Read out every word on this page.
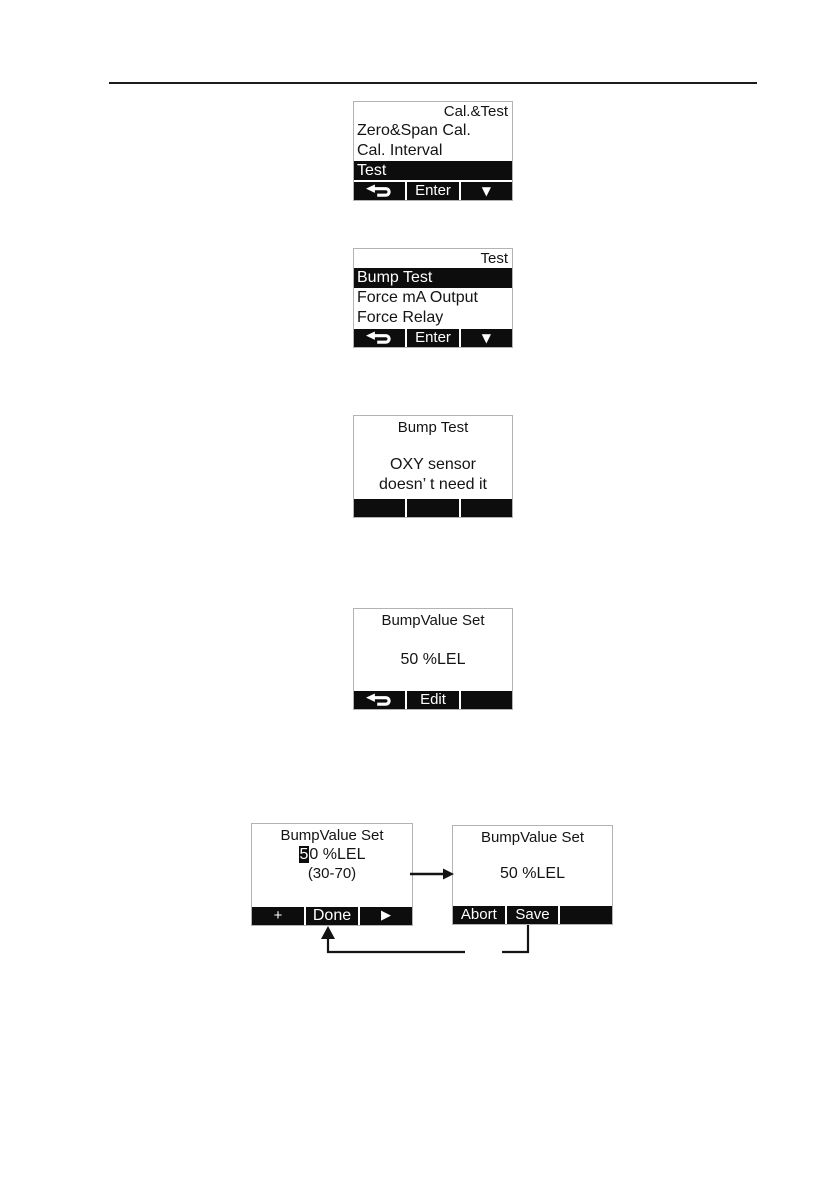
Cal.&Test
Zero&Span Cal.
Cal. Interval
Test
Enter	▼
Test
Bump Test
Force mA Output
Force Relay
Enter	▼
Bump Test
OXY sensor
doesn’ t need it
BumpValue Set
50 %LEL
Edit
BumpValue Set
50 %LEL
(30-70)
+	Done	▶
BumpValue Set
50 %LEL
Abort	Save
